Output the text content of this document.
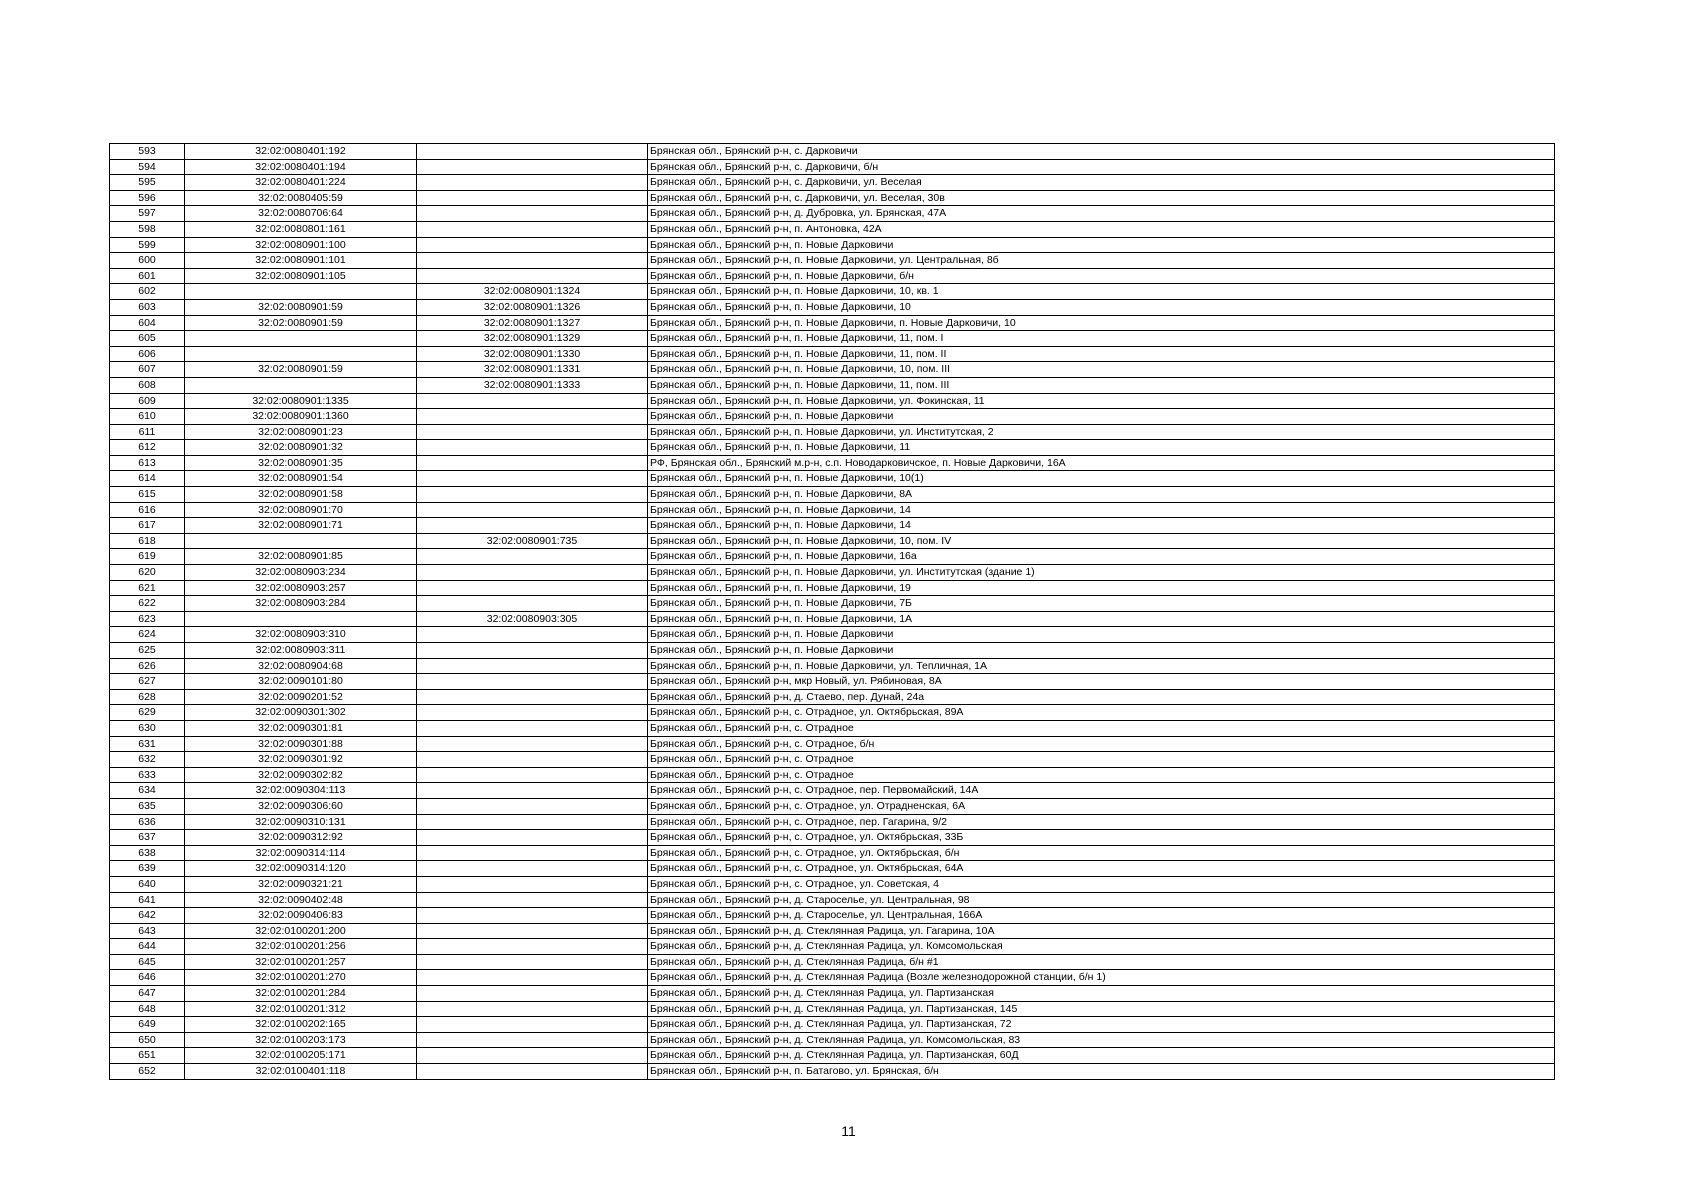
593	32:02:0080401:192		Брянская обл., Брянский р-н, с. Дарковичи
594	32:02:0080401:194		Брянская обл., Брянский р-н, с. Дарковичи, б/н
595	32:02:0080401:224		Брянская обл., Брянский р-н, с. Дарковичи, ул. Веселая
596	32:02:0080405:59		Брянская обл., Брянский р-н, с. Дарковичи, ул. Веселая, 30в
597	32:02:0080706:64		Брянская обл., Брянский р-н, д. Дубровка, ул. Брянская, 47А
598	32:02:0080801:161		Брянская обл., Брянский р-н, п. Антоновка, 42А
599	32:02:0080901:100		Брянская обл., Брянский р-н, п. Новые Дарковичи
600	32:02:0080901:101		Брянская обл., Брянский р-н, п. Новые Дарковичи, ул. Центральная, 8б
601	32:02:0080901:105		Брянская обл., Брянский р-н, п. Новые Дарковичи, б/н
602		32:02:0080901:1324	Брянская обл., Брянский р-н, п. Новые Дарковичи, 10, кв. 1
603	32:02:0080901:59	32:02:0080901:1326	Брянская обл., Брянский р-н, п. Новые Дарковичи, 10
604	32:02:0080901:59	32:02:0080901:1327	Брянская обл., Брянский р-н, п. Новые Дарковичи, п. Новые Дарковичи, 10
605		32:02:0080901:1329	Брянская обл., Брянский р-н, п. Новые Дарковичи, 11, пом. I
606		32:02:0080901:1330	Брянская обл., Брянский р-н, п. Новые Дарковичи, 11, пом. II
607	32:02:0080901:59	32:02:0080901:1331	Брянская обл., Брянский р-н, п. Новые Дарковичи, 10, пом. III
608		32:02:0080901:1333	Брянская обл., Брянский р-н, п. Новые Дарковичи, 11, пом. III
609	32:02:0080901:1335		Брянская обл., Брянский р-н, п. Новые Дарковичи, ул. Фокинская, 11
610	32:02:0080901:1360		Брянская обл., Брянский р-н, п. Новые Дарковичи
611	32:02:0080901:23		Брянская обл., Брянский р-н, п. Новые Дарковичи, ул. Институтская, 2
612	32:02:0080901:32		Брянская обл., Брянский р-н, п. Новые Дарковичи, 11
613	32:02:0080901:35		РФ, Брянская обл., Брянский м.р-н, с.п. Новодарковичское, п. Новые Дарковичи, 16А
614	32:02:0080901:54		Брянская обл., Брянский р-н, п. Новые Дарковичи, 10(1)
615	32:02:0080901:58		Брянская обл., Брянский р-н, п. Новые Дарковичи, 8А
616	32:02:0080901:70		Брянская обл., Брянский р-н, п. Новые Дарковичи, 14
617	32:02:0080901:71		Брянская обл., Брянский р-н, п. Новые Дарковичи, 14
618		32:02:0080901:735	Брянская обл., Брянский р-н, п. Новые Дарковичи, 10, пом. IV
619	32:02:0080901:85		Брянская обл., Брянский р-н, п. Новые Дарковичи, 16а
620	32:02:0080903:234		Брянская обл., Брянский р-н, п. Новые Дарковичи, ул. Институтская (здание 1)
621	32:02:0080903:257		Брянская обл., Брянский р-н, п. Новые Дарковичи, 19
622	32:02:0080903:284		Брянская обл., Брянский р-н, п. Новые Дарковичи, 7Б
623		32:02:0080903:305	Брянская обл., Брянский р-н, п. Новые Дарковичи, 1А
624	32:02:0080903:310		Брянская обл., Брянский р-н, п. Новые Дарковичи
625	32:02:0080903:311		Брянская обл., Брянский р-н, п. Новые Дарковичи
626	32:02:0080904:68		Брянская обл., Брянский р-н, п. Новые Дарковичи, ул. Тепличная, 1А
627	32:02:0090101:80		Брянская обл., Брянский р-н, мкр Новый, ул. Рябиновая, 8А
628	32:02:0090201:52		Брянская обл., Брянский р-н, д. Стаево, пер. Дунай, 24а
629	32:02:0090301:302		Брянская обл., Брянский р-н, с. Отрадное, ул. Октябрьская, 89А
630	32:02:0090301:81		Брянская обл., Брянский р-н, с. Отрадное
631	32:02:0090301:88		Брянская обл., Брянский р-н, с. Отрадное, б/н
632	32:02:0090301:92		Брянская обл., Брянский р-н, с. Отрадное
633	32:02:0090302:82		Брянская обл., Брянский р-н, с. Отрадное
634	32:02:0090304:113		Брянская обл., Брянский р-н, с. Отрадное, пер. Первомайский, 14А
635	32:02:0090306:60		Брянская обл., Брянский р-н, с. Отрадное, ул. Отрадненская, 6А
636	32:02:0090310:131		Брянская обл., Брянский р-н, с. Отрадное, пер. Гагарина, 9/2
637	32:02:0090312:92		Брянская обл., Брянский р-н, с. Отрадное, ул. Октябрьская, 33Б
638	32:02:0090314:114		Брянская обл., Брянский р-н, с. Отрадное, ул. Октябрьская, б/н
639	32:02:0090314:120		Брянская обл., Брянский р-н, с. Отрадное, ул. Октябрьская, 64А
640	32:02:0090321:21		Брянская обл., Брянский р-н, с. Отрадное, ул. Советская, 4
641	32:02:0090402:48		Брянская обл., Брянский р-н, д. Староселье, ул. Центральная, 98
642	32:02:0090406:83		Брянская обл., Брянский р-н, д. Староселье, ул. Центральная, 166А
643	32:02:0100201:200		Брянская обл., Брянский р-н, д. Стеклянная Радица, ул. Гагарина, 10А
644	32:02:0100201:256		Брянская обл., Брянский р-н, д. Стеклянная Радица, ул. Комсомольская
645	32:02:0100201:257		Брянская обл., Брянский р-н, д. Стеклянная Радица, б/н #1
646	32:02:0100201:270		Брянская обл., Брянский р-н, д. Стеклянная Радица (Возле железнодорожной станции, б/н 1)
647	32:02:0100201:284		Брянская обл., Брянский р-н, д. Стеклянная Радица, ул. Партизанская
648	32:02:0100201:312		Брянская обл., Брянский р-н, д. Стеклянная Радица, ул. Партизанская, 145
649	32:02:0100202:165		Брянская обл., Брянский р-н, д. Стеклянная Радица, ул. Партизанская, 72
650	32:02:0100203:173		Брянская обл., Брянский р-н, д. Стеклянная Радица, ул. Комсомольская, 83
651	32:02:0100205:171		Брянская обл., Брянский р-н, д. Стеклянная Радица, ул. Партизанская, 60Д
652	32:02:0100401:118		Брянская обл., Брянский р-н, п. Батагово, ул. Брянская, б/н
11
